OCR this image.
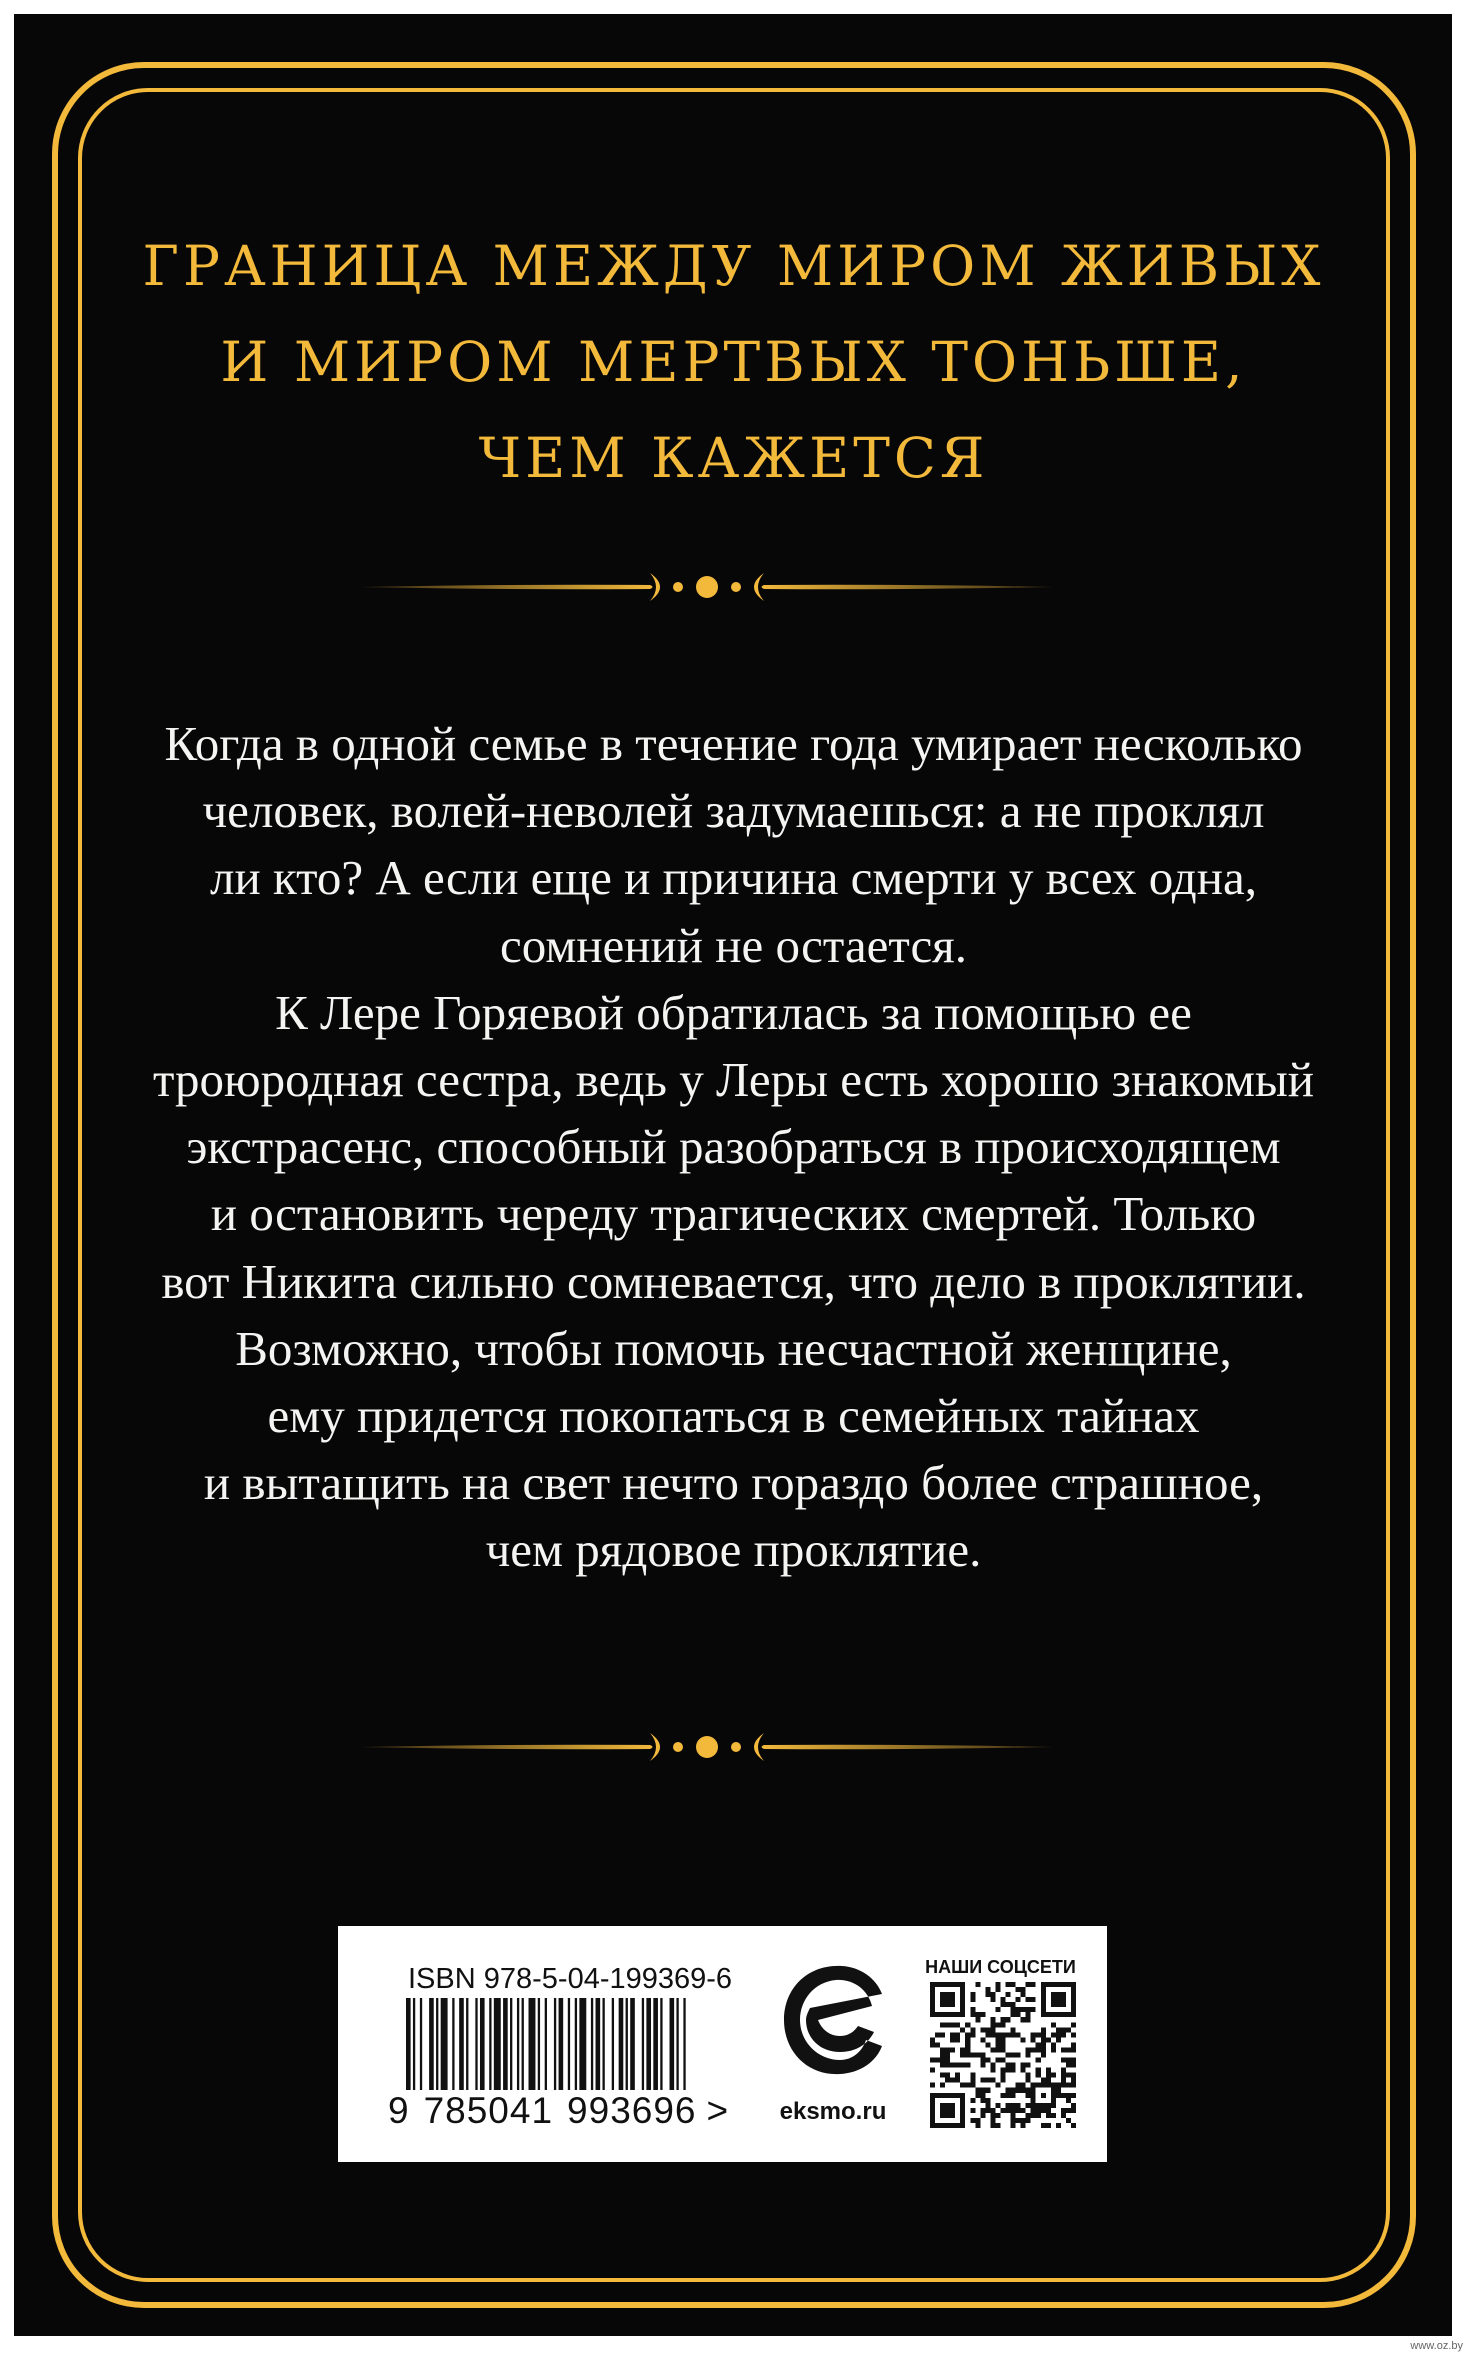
ГРАНИЦА МЕЖДУ МИРОМ ЖИВЫХ
И МИРОМ МЕРТВЫХ ТОНЬШЕ,
ЧЕМ КАЖЕТСЯ
Когда в одной семье в течение года умирает несколько
человек, волей-неволей задумаешься: а не проклял
ли кто? А если еще и причина смерти у всех одна,
сомнений не остается.
К Лере Горяевой обратилась за помощью ее
троюродная сестра, ведь у Леры есть хорошо знакомый
экстрасенс, способный разобраться в происходящем
и остановить череду трагических смертей. Только
вот Никита сильно сомневается, что дело в проклятии.
Возможно, чтобы помочь несчастной женщине,
ему придется покопаться в семейных тайнах
и вытащить на свет нечто гораздо более страшное,
чем рядовое проклятие.
ISBN 978-5-04-199369-6
9 785041 993696 > eksmo.ru
НАШИ СОЦСЕТИ
www.oz.by
